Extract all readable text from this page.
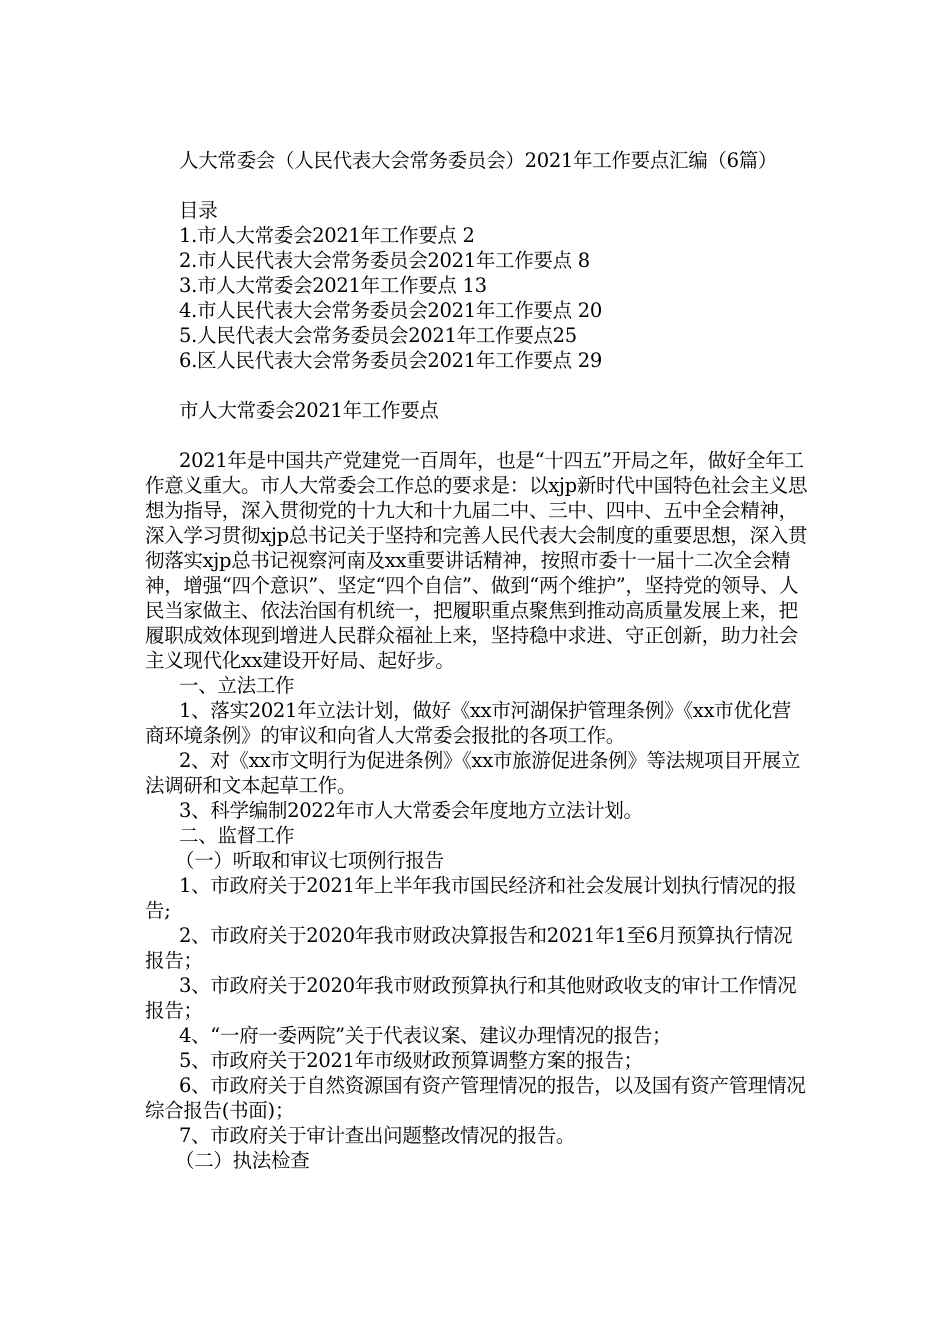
人大常委会（人民代表大会常务委员会）2021年工作要点汇编（6篇）
目录
1.市人大常委会2021年工作要点 2
2.市人民代表大会常务委员会2021年工作要点 8
3.市人大常委会2021年工作要点 13
4.市人民代表大会常务委员会2021年工作要点 20
5.人民代表大会常务委员会2021年工作要点25
6.区人民代表大会常务委员会2021年工作要点 29
市人大常委会2021年工作要点
2021年是中国共产党建党一百周年，也是“十四五”开局之年，做好全年工作意义重大。市人大常委会工作总的要求是：以xjp新时代中国特色社会主义思想为指导，深入贯彻党的十九大和十九届二中、三中、四中、五中全会精神，深入学习贯彻xjp总书记关于坚持和完善人民代表大会制度的重要思想，深入贯彻落实xjp总书记视察河南及xx重要讲话精神，按照市委十一届十二次全会精神，增强“四个意识”、坚定“四个自信”、做到“两个维护”，坚持党的领导、人民当家做主、依法治国有机统一，把履职重点聚焦到推动高质量发展上来，把履职成效体现到增进人民群众福祉上来，坚持稳中求进、守正创新，助力社会主义现代化xx建设开好局、起好步。
一、立法工作
1、落实2021年立法计划，做好《xx市河湖保护管理条例》《xx市优化营商环境条例》的审议和向省人大常委会报批的各项工作。
2、对《xx市文明行为促进条例》《xx市旅游促进条例》等法规项目开展立法调研和文本起草工作。
3、科学编制2022年市人大常委会年度地方立法计划。
二、监督工作
（一）听取和审议七项例行报告
1、市政府关于2021年上半年我市国民经济和社会发展计划执行情况的报告;
2、市政府关于2020年我市财政决算报告和2021年1至6月预算执行情况报告；
3、市政府关于2020年我市财政预算执行和其他财政收支的审计工作情况报告；
4、“一府一委两院”关于代表议案、建议办理情况的报告；
5、市政府关于2021年市级财政预算调整方案的报告；
6、市政府关于自然资源国有资产管理情况的报告，以及国有资产管理情况综合报告(书面)；
7、市政府关于审计查出问题整改情况的报告。
（二）执法检查
